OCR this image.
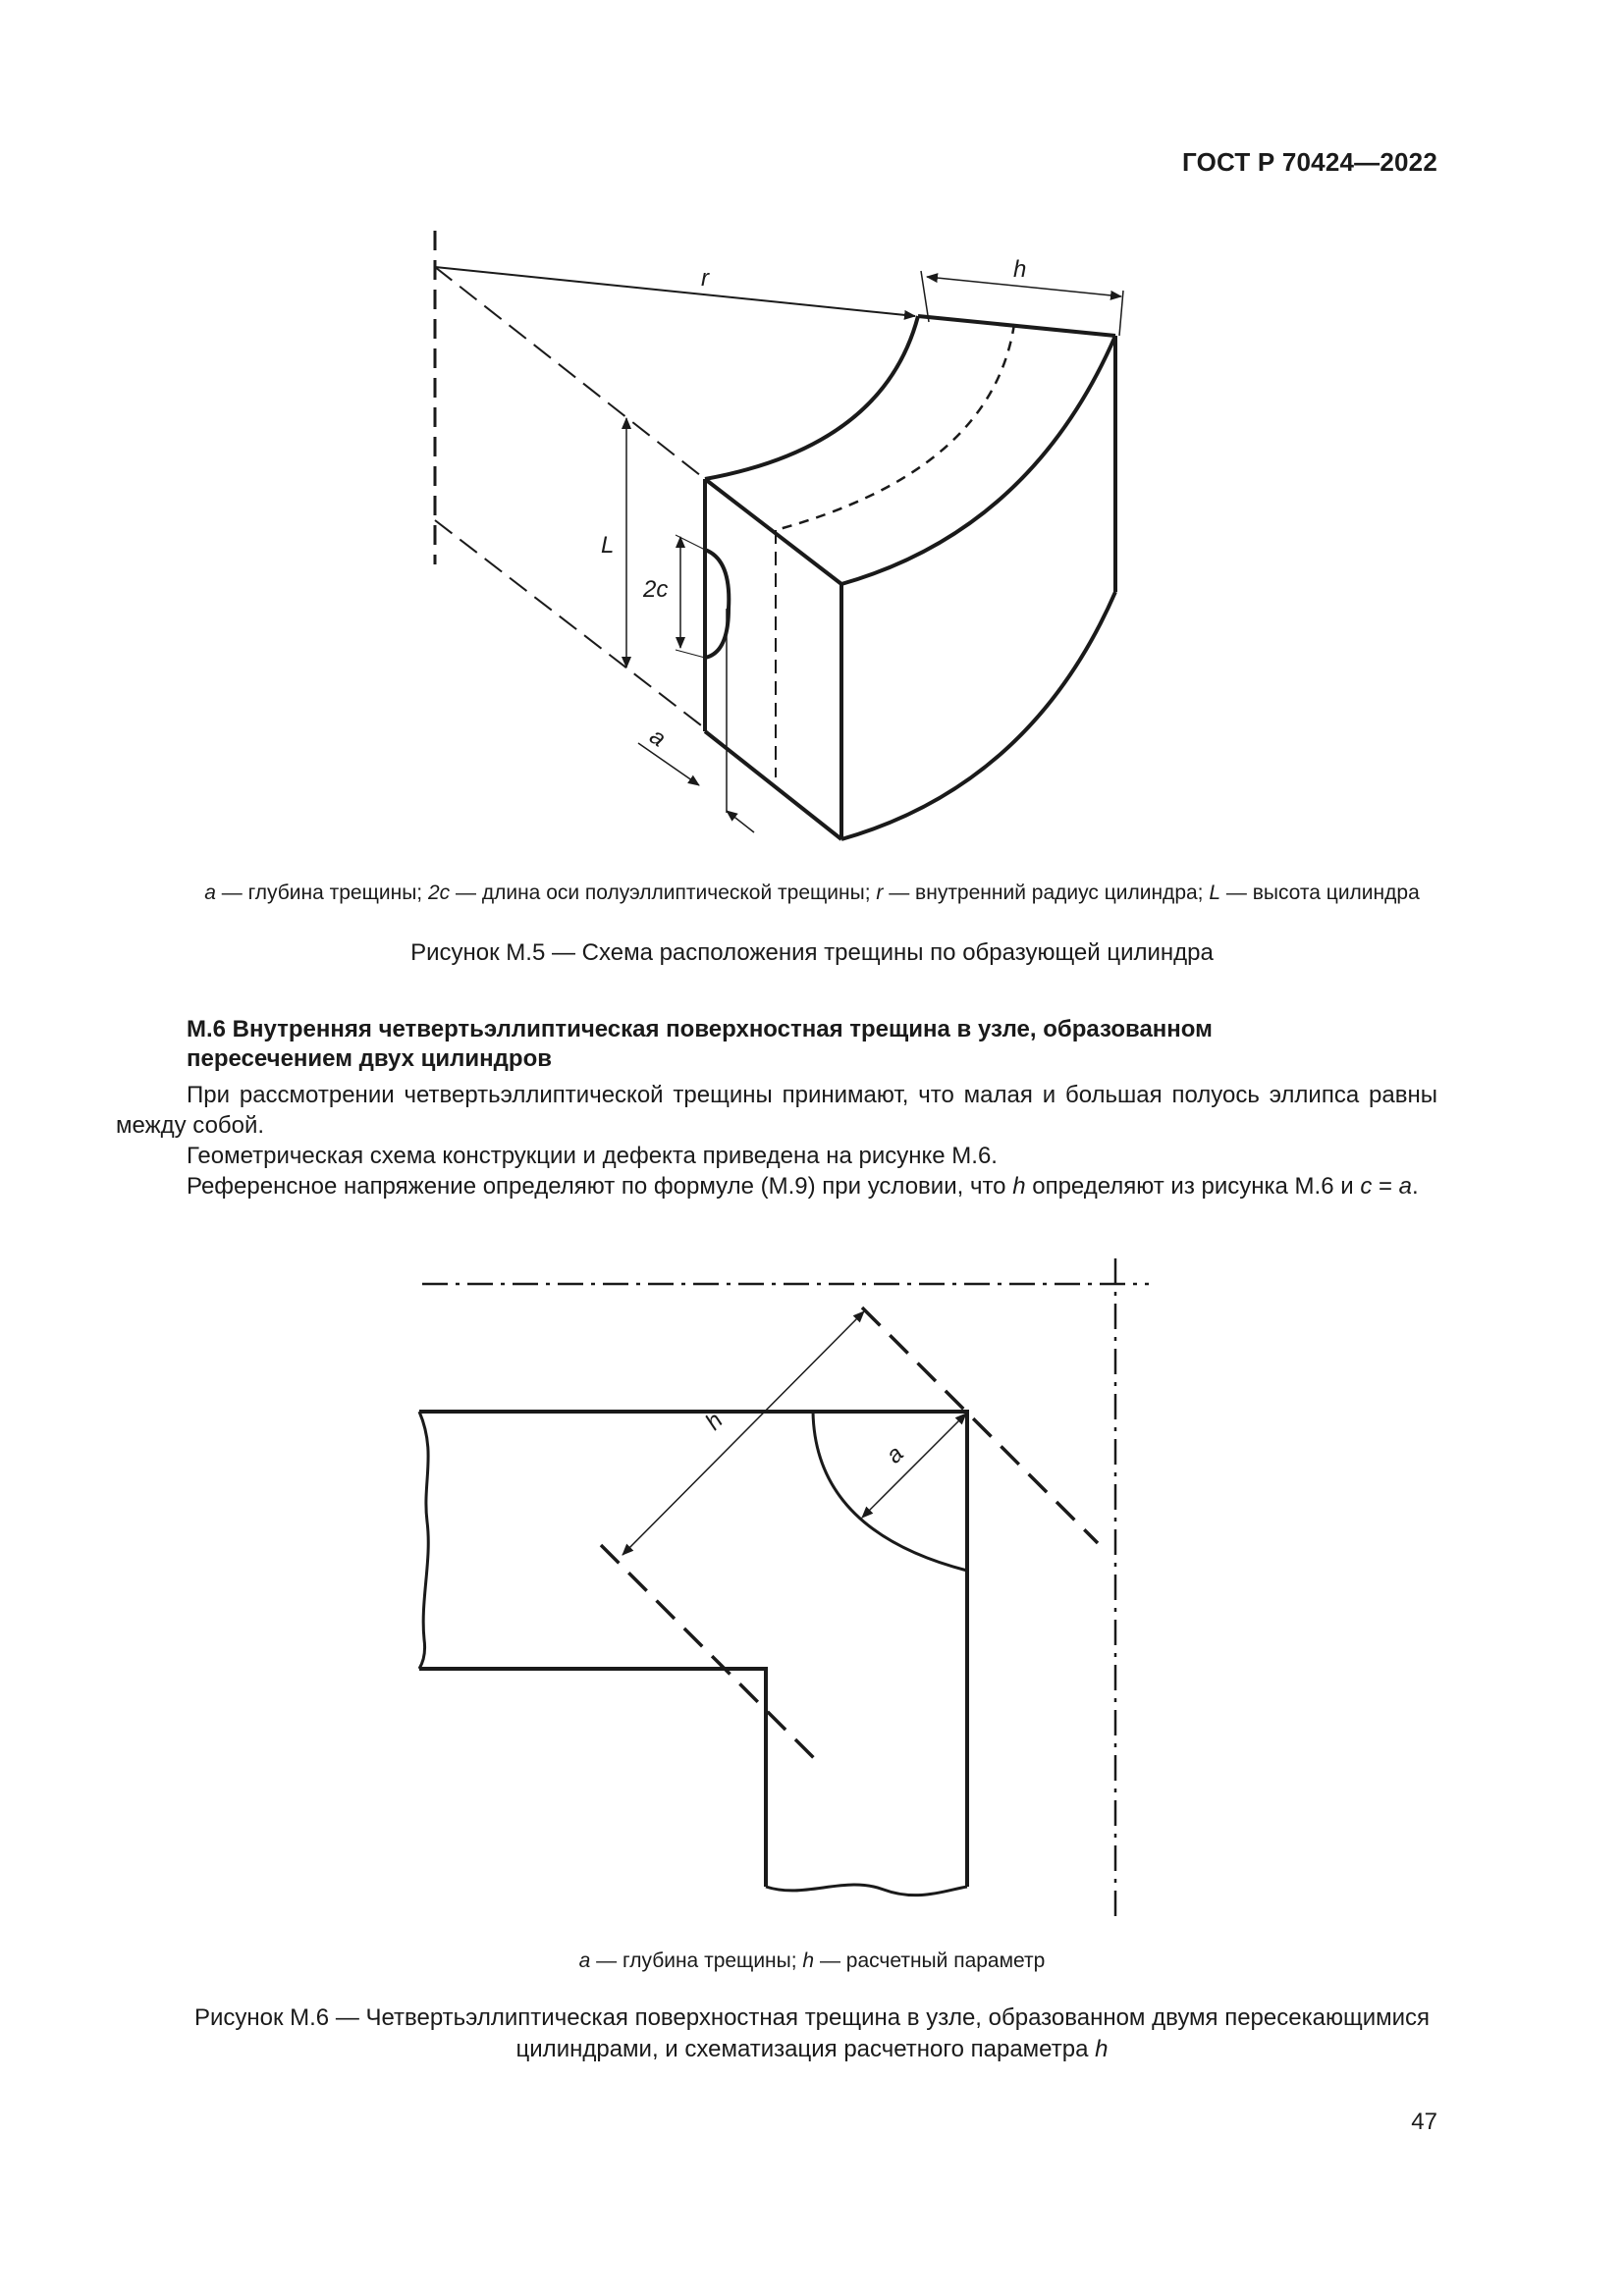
ГОСТ Р 70424—2022
r	h
L
2c
a
a — глубина трещины; 2c — длина оси полуэллиптической трещины; r — внутренний радиус цилиндра; L — высота цилиндра
Рисунок М.5 — Схема расположения трещины по образующей цилиндра
М.6 Внутренняя четвертьэллиптическая поверхностная трещина в узле, образованном
пересечением двух цилиндров
При рассмотрении четвертьэллиптической трещины принимают, что малая и большая полуось эллипса равны между собой.
Геометрическая схема конструкции и дефекта приведена на рисунке М.6.
Референсное напряжение определяют по формуле (М.9) при условии, что h определяют из рисунка М.6 и c = a.
h
a
a — глубина трещины; h — расчетный параметр
Рисунок М.6 — Четвертьэллиптическая поверхностная трещина в узле, образованном двумя пересекающимися
цилиндрами, и схематизация расчетного параметра h
47
